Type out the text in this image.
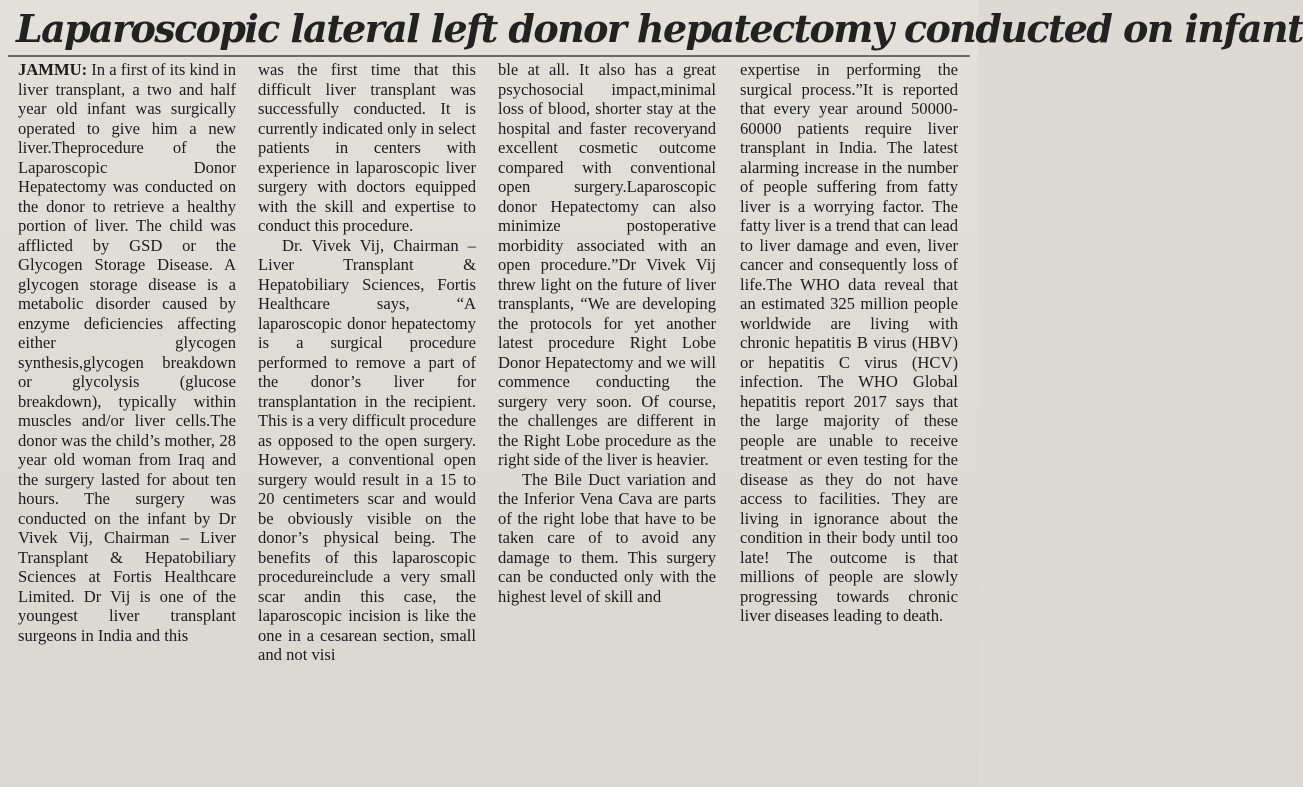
Laparoscopic lateral left donor hepatectomy conducted on infant

JAMMU: In a first of its kind in liver transplant, a two and half year old infant was surgically operated to give him a new liver.Theprocedure of the Laparoscopic Donor Hepatectomy was conducted on the donor to retrieve a healthy portion of liver. The child was afflicted by GSD or the Glycogen Storage Disease. A glycogen storage disease is a metabolic disorder caused by enzyme deficiencies affecting either glycogen synthesis,glycogen breakdown or glycolysis (glucose breakdown), typically within muscles and/or liver cells.The donor was the child’s mother, 28 year old woman from Iraq and the surgery lasted for about ten hours. The surgery was conducted on the infant by Dr Vivek Vij, Chairman – Liver Transplant & Hepatobiliary Sciences at Fortis Healthcare Limited. Dr Vij is one of the youngest liver transplant surgeons in India and this

was the first time that this difficult liver transplant was successfully conducted. It is currently indicated only in select patients in centers with experience in laparoscopic liver surgery with doctors equipped with the skill and expertise to conduct this procedure.

Dr. Vivek Vij, Chairman – Liver Transplant & Hepatobiliary Sciences, Fortis Healthcare says, “A laparoscopic donor hepatectomy is a surgical procedure performed to remove a part of the donor’s liver for transplantation in the recipient. This is a very difficult procedure as opposed to the open surgery. However, a conventional open surgery would result in a 15 to 20 centimeters scar and would be obviously visible on the donor’s physical being. The benefits of this laparoscopic procedureinclude a very small scar andin this case, the laparoscopic incision is like the one in a cesarean section, small and not visi

ble at all. It also has a great psychosocial impact,minimal loss of blood, shorter stay at the hospital and faster recoveryand excellent cosmetic outcome compared with conventional open surgery.Laparoscopic donor Hepatectomy can also minimize postoperative morbidity associated with an open procedure.”Dr Vivek Vij threw light on the future of liver transplants, “We are developing the protocols for yet another latest procedure Right Lobe Donor Hepatectomy and we will commence conducting the surgery very soon. Of course, the challenges are different in the Right Lobe procedure as the right side of the liver is heavier.

The Bile Duct variation and the Inferior Vena Cava are parts of the right lobe that have to be taken care of to avoid any damage to them. This surgery can be conducted only with the highest level of skill and

expertise in performing the surgical process.”It is reported that every year around 50000-60000 patients require liver transplant in India. The latest alarming increase in the number of people suffering from fatty liver is a worrying factor. The fatty liver is a trend that can lead to liver damage and even, liver cancer and consequently loss of life.The WHO data reveal that an estimated 325 million people worldwide are living with chronic hepatitis B virus (HBV) or hepatitis C virus (HCV) infection. The WHO Global hepatitis report 2017 says that the large majority of these people are unable to receive treatment or even testing for the disease as they do not have access to facilities. They are living in ignorance about the condition in their body until too late! The outcome is that millions of people are slowly progressing towards chronic liver diseases leading to death.
